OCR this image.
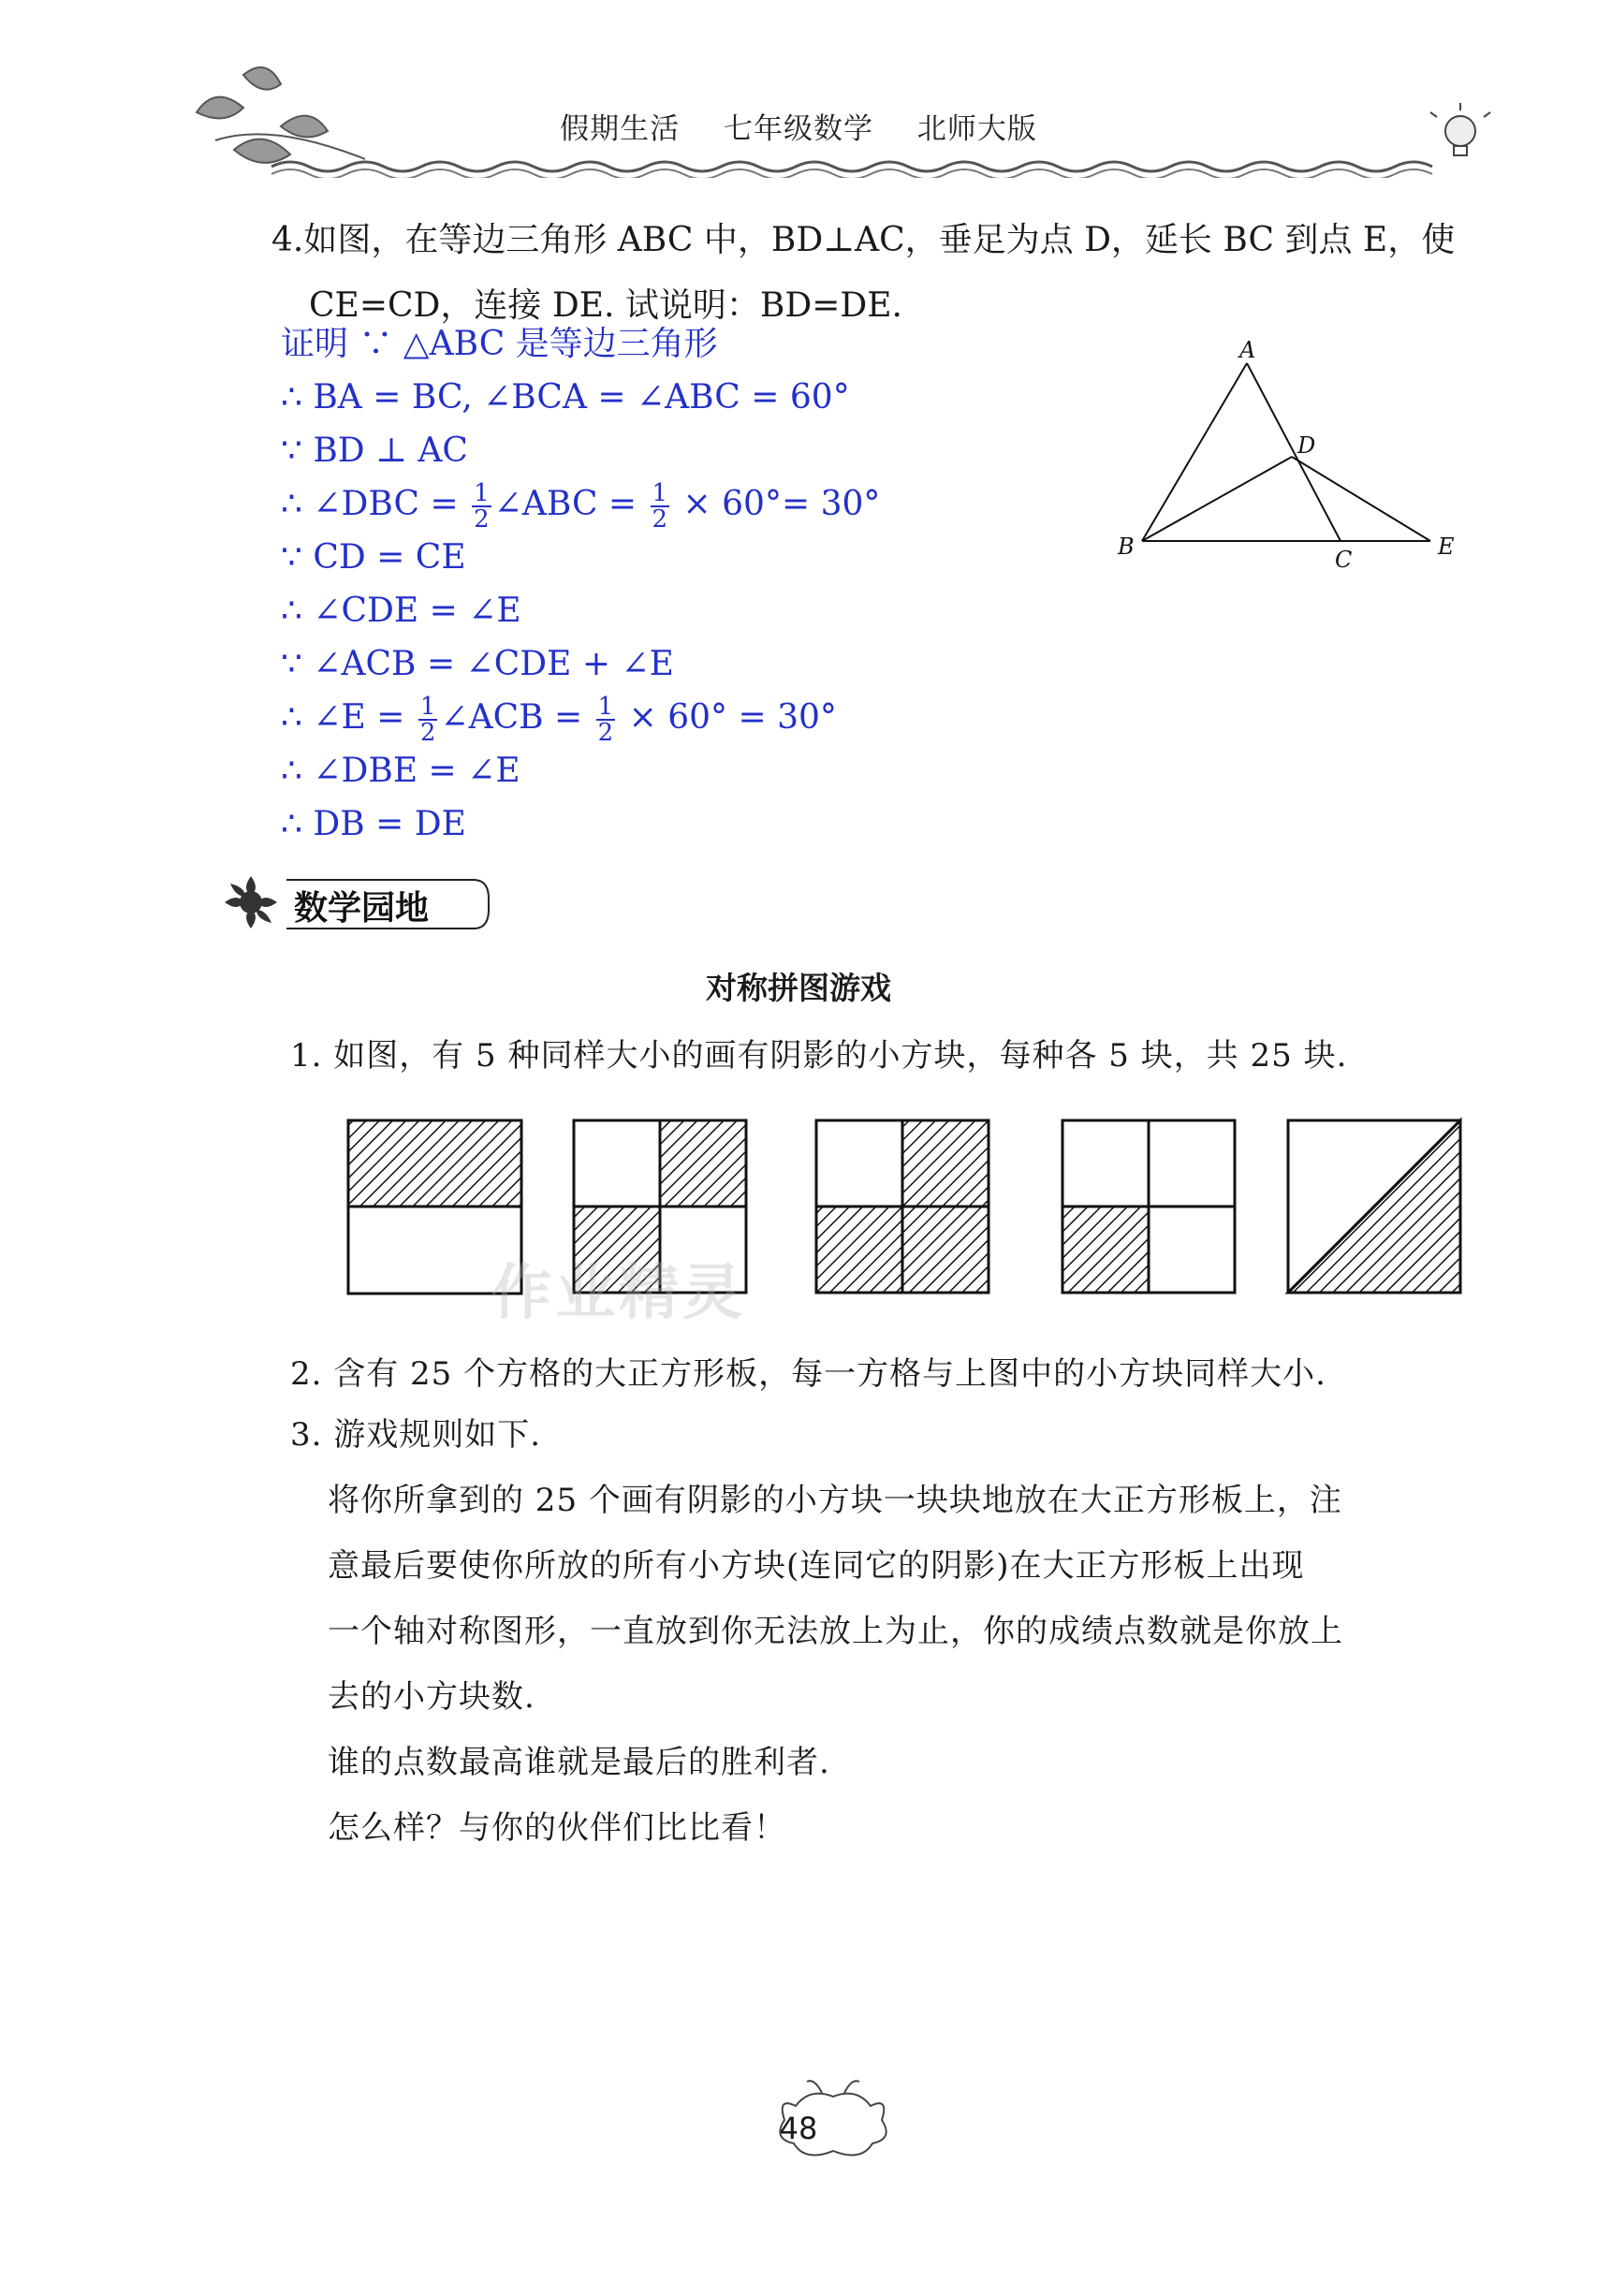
假期生活 七年级数学 北师大版
4.如图，在等边三角形 ABC 中，BD⊥AC，垂足为点 D，延长 BC 到点 E，使
CE=CD，连接 DE. 试说明：BD=DE.
证明 ∵ △ABC 是等边三角形
∴ BA = BC, ∠BCA = ∠ABC = 60°
∵ BD ⊥ AC
∴ ∠DBC = $\frac{1}{2}$ ∠ABC = $\frac{1}{2} \times 60^\circ= 30^\circ$
∵ CD = CE
∴ ∠CDE = ∠E
∵ ∠ACB = ∠CDE + ∠E
∴ ∠E = $\frac{1}{2}$ ∠ACB = $\frac{1}{2} \times 60^\circ = 30^\circ$
∴ ∠DBE = ∠E
∴ DB = DE
A
D
B	C	E
数学园地
对称拼图游戏
1. 如图，有 5 种同样大小的画有阴影的小方块，每种各 5 块，共 25 块.
作业精灵
2. 含有 25 个方格的大正方形板，每一方格与上图中的小方块同样大小.
3. 游戏规则如下.
将你所拿到的 25 个画有阴影的小方块一块块地放在大正方形板上，注
意最后要使你所放的所有小方块(连同它的阴影)在大正方形板上出现
一个轴对称图形，一直放到你无法放上为止，你的成绩点数就是你放上
去的小方块数.
谁的点数最高谁就是最后的胜利者.
怎么样？与你的伙伴们比比看！
48
